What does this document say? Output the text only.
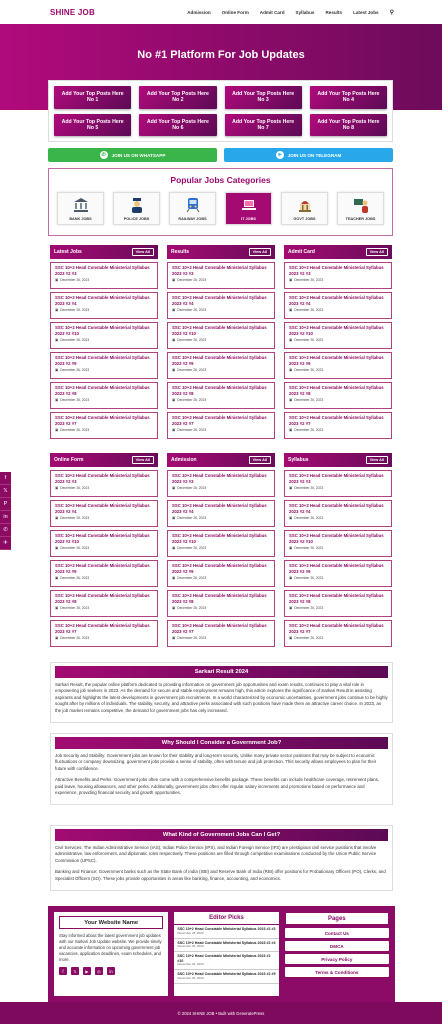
SHINE JOB	Admission Online Form Admit Card Syllabus Results Latest Jobs ⚲
No #1 Platform For Job Updates
Add Your Top Posts Here No 1
Add Your Top Posts Here No 2
Add Your Top Posts Here No 3
Add Your Top Posts Here No 4
Add Your Top Posts Here No 5
Add Your Top Posts Here No 6
Add Your Top Posts Here No 7
Add Your Top Posts Here No 8
✆	JOIN US ON WHATSAPP	➤	JOIN US ON TELEGRAM
Popular Jobs Categories
BANK JOBS	POLICE JOBS	RAILWAY JOBS	IT JOBS	GOVT JOBS	TEACHER JOBS
Latest Jobs	View All
SSC 10+2 Head Constable Ministerial Syllabus 2023 #2 #3
▣ December 26, 2023
SSC 10+2 Head Constable Ministerial Syllabus 2023 #2 #4
▣ December 26, 2023
SSC 10+2 Head Constable Ministerial Syllabus 2023 #2 #10
▣ December 26, 2023
SSC 10+2 Head Constable Ministerial Syllabus 2023 #2 #9
▣ December 26, 2023
SSC 10+2 Head Constable Ministerial Syllabus 2023 #2 #8
▣ December 26, 2023
SSC 10+2 Head Constable Ministerial Syllabus 2023 #2 #7
▣ December 26, 2023
Results	View All
SSC 10+2 Head Constable Ministerial Syllabus 2023 #2 #3
▣ December 26, 2023
SSC 10+2 Head Constable Ministerial Syllabus 2023 #2 #4
▣ December 26, 2023
SSC 10+2 Head Constable Ministerial Syllabus 2023 #2 #10
▣ December 26, 2023
SSC 10+2 Head Constable Ministerial Syllabus 2023 #2 #9
▣ December 26, 2023
SSC 10+2 Head Constable Ministerial Syllabus 2023 #2 #8
▣ December 26, 2023
SSC 10+2 Head Constable Ministerial Syllabus 2023 #2 #7
▣ December 26, 2023
Admit Card	View All
SSC 10+2 Head Constable Ministerial Syllabus 2023 #2 #3
▣ December 26, 2023
SSC 10+2 Head Constable Ministerial Syllabus 2023 #2 #4
▣ December 26, 2023
SSC 10+2 Head Constable Ministerial Syllabus 2023 #2 #10
▣ December 26, 2023
SSC 10+2 Head Constable Ministerial Syllabus 2023 #2 #9
▣ December 26, 2023
SSC 10+2 Head Constable Ministerial Syllabus 2023 #2 #8
▣ December 26, 2023
SSC 10+2 Head Constable Ministerial Syllabus 2023 #2 #7
▣ December 26, 2023
Online Form	View All
SSC 10+2 Head Constable Ministerial Syllabus 2023 #2 #3
▣ December 26, 2023
SSC 10+2 Head Constable Ministerial Syllabus 2023 #2 #4
▣ December 26, 2023
SSC 10+2 Head Constable Ministerial Syllabus 2023 #2 #10
▣ December 26, 2023
SSC 10+2 Head Constable Ministerial Syllabus 2023 #2 #9
▣ December 26, 2023
SSC 10+2 Head Constable Ministerial Syllabus 2023 #2 #8
▣ December 26, 2023
SSC 10+2 Head Constable Ministerial Syllabus 2023 #2 #7
▣ December 26, 2023
Admission	View All
SSC 10+2 Head Constable Ministerial Syllabus 2023 #2 #3
▣ December 26, 2023
SSC 10+2 Head Constable Ministerial Syllabus 2023 #2 #4
▣ December 26, 2023
SSC 10+2 Head Constable Ministerial Syllabus 2023 #2 #10
▣ December 26, 2023
SSC 10+2 Head Constable Ministerial Syllabus 2023 #2 #9
▣ December 26, 2023
SSC 10+2 Head Constable Ministerial Syllabus 2023 #2 #8
▣ December 26, 2023
SSC 10+2 Head Constable Ministerial Syllabus 2023 #2 #7
▣ December 26, 2023
Syllabus	View All
SSC 10+2 Head Constable Ministerial Syllabus 2023 #2 #3
▣ December 26, 2023
SSC 10+2 Head Constable Ministerial Syllabus 2023 #2 #4
▣ December 26, 2023
SSC 10+2 Head Constable Ministerial Syllabus 2023 #2 #10
▣ December 26, 2023
SSC 10+2 Head Constable Ministerial Syllabus 2023 #2 #9
▣ December 26, 2023
SSC 10+2 Head Constable Ministerial Syllabus 2023 #2 #8
▣ December 26, 2023
SSC 10+2 Head Constable Ministerial Syllabus 2023 #2 #7
▣ December 26, 2023
f
𝕏
P
in
✆
✈
Sarkari Result 2024

Sarkari Result, the popular online platform dedicated to providing information on government job opportunities and exam results, continues to play a vital role in empowering job seekers in 2023. As the demand for secure and stable employment remains high, this article explores the significance of Sarkari Result in assisting aspirants and highlights the latest developments in government job recruitments. In a world characterized by economic uncertainties, government jobs continue to be highly sought after by millions of individuals. The stability, security, and attractive perks associated with such positions have made them an attractive career choice. In 2023, as the job market remains competitive, the demand for government jobs has only increased.

Why Should I Consider a Government Job?

Job Security and Stability: Government jobs are known for their stability and long-term security. Unlike many private sector positions that may be subject to economic fluctuations or company downsizing, government jobs provide a sense of stability, often with tenure and job protection. This security allows employees to plan for their future with confidence.

Attractive Benefits and Perks: Government jobs often come with a comprehensive benefits package. These benefits can include healthcare coverage, retirement plans, paid leave, housing allowances, and other perks. Additionally, government jobs often offer regular salary increments and promotions based on performance and experience, providing financial security and growth opportunities.

What Kind of Government Jobs Can I Get?

Civil Services: The Indian Administrative Service (IAS), Indian Police Service (IPS), and Indian Foreign Service (IFS) are prestigious civil service positions that involve administrative, law enforcement, and diplomatic roles respectively. These positions are filled through competitive examinations conducted by the Union Public Service Commission (UPSC).

Banking and Finance: Government banks such as the State Bank of India (SBI) and Reserve Bank of India (RBI) offer positions for Probationary Officers (PO), Clerks, and Specialist Officers (SO). These jobs provide opportunities in areas like banking, finance, accounting, and economics.

Your Website Name

Stay informed about the latest government job updates with our Sarkari Job Update website. We provide timely and accurate information on upcoming government job vacancies, application deadlines, exam schedules, and more.

f	𝕏	▶	◎	in
Editor Picks
SSC 10+2 Head Constable Ministerial Syllabus 2023 #2 #3
December 26, 2023
SSC 10+2 Head Constable Ministerial Syllabus 2023 #2 #4
December 26, 2023
SSC 10+2 Head Constable Ministerial Syllabus 2023 #2 #10
December 26, 2023
SSC 10+2 Head Constable Ministerial Syllabus 2023 #2 #9
December 26, 2023
Pages
Contact Us
DMCA
Privacy Policy
Terms & Conditions
© 2024 SHINE JOB • Built with GeneratePress
